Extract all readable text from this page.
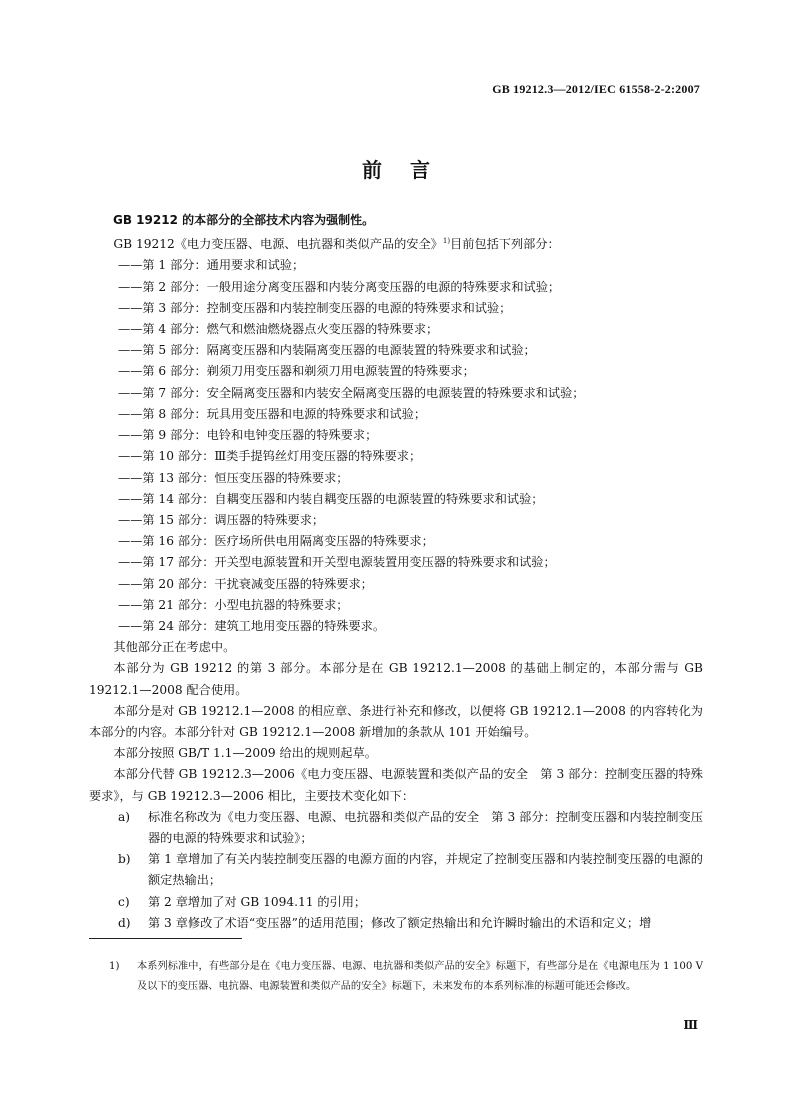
GB 19212.3—2012/IEC 61558-2-2:2007
前言

GB 19212 的本部分的全部技术内容为强制性。

GB 19212《电力变压器、电源、电抗器和类似产品的安全》$^{1)}$目前包括下列部分：

——第 1 部分：通用要求和试验；

——第 2 部分：一般用途分离变压器和内装分离变压器的电源的特殊要求和试验；

——第 3 部分：控制变压器和内装控制变压器的电源的特殊要求和试验；

——第 4 部分：燃气和燃油燃烧器点火变压器的特殊要求；

——第 5 部分：隔离变压器和内装隔离变压器的电源装置的特殊要求和试验；

——第 6 部分：剃须刀用变压器和剃须刀用电源装置的特殊要求；

——第 7 部分：安全隔离变压器和内装安全隔离变压器的电源装置的特殊要求和试验；

——第 8 部分：玩具用变压器和电源的特殊要求和试验；

——第 9 部分：电铃和电钟变压器的特殊要求；

——第 10 部分：Ⅲ类手提钨丝灯用变压器的特殊要求；

——第 13 部分：恒压变压器的特殊要求；

——第 14 部分：自耦变压器和内装自耦变压器的电源装置的特殊要求和试验；

——第 15 部分：调压器的特殊要求；

——第 16 部分：医疗场所供电用隔离变压器的特殊要求；

——第 17 部分：开关型电源装置和开关型电源装置用变压器的特殊要求和试验；

——第 20 部分：干扰衰减变压器的特殊要求；

——第 21 部分：小型电抗器的特殊要求；

——第 24 部分：建筑工地用变压器的特殊要求。

其他部分正在考虑中。

本部分为 GB 19212 的第 3 部分。本部分是在 GB 19212.1—2008 的基础上制定的，本部分需与 GB 19212.1—2008 配合使用。

本部分是对 GB 19212.1—2008 的相应章、条进行补充和修改，以便将 GB 19212.1—2008 的内容转化为本部分的内容。本部分针对 GB 19212.1—2008 新增加的条款从 101 开始编号。

本部分按照 GB/T 1.1—2009 给出的规则起草。

本部分代替 GB 19212.3—2006《电力变压器、电源装置和类似产品的安全　第 3 部分：控制变压器的特殊要求》，与 GB 19212.3—2006 相比，主要技术变化如下：

a)	标准名称改为《电力变压器、电源、电抗器和类似产品的安全　第 3 部分：控制变压器和内装控制变压器的电源的特殊要求和试验》；
b)	第 1 章增加了有关内装控制变压器的电源方面的内容，并规定了控制变压器和内装控制变压器的电源的额定热输出；
c)	第 2 章增加了对 GB 1094.11 的引用；
d)	第 3 章修改了术语“变压器”的适用范围；修改了额定热输出和允许瞬时输出的术语和定义；增
1)	本系列标准中，有些部分是在《电力变压器、电源、电抗器和类似产品的安全》标题下，有些部分是在《电源电压为 1 100 V 及以下的变压器、电抗器、电源装置和类似产品的安全》标题下，未来发布的本系列标准的标题可能还会修改。
Ⅲ
